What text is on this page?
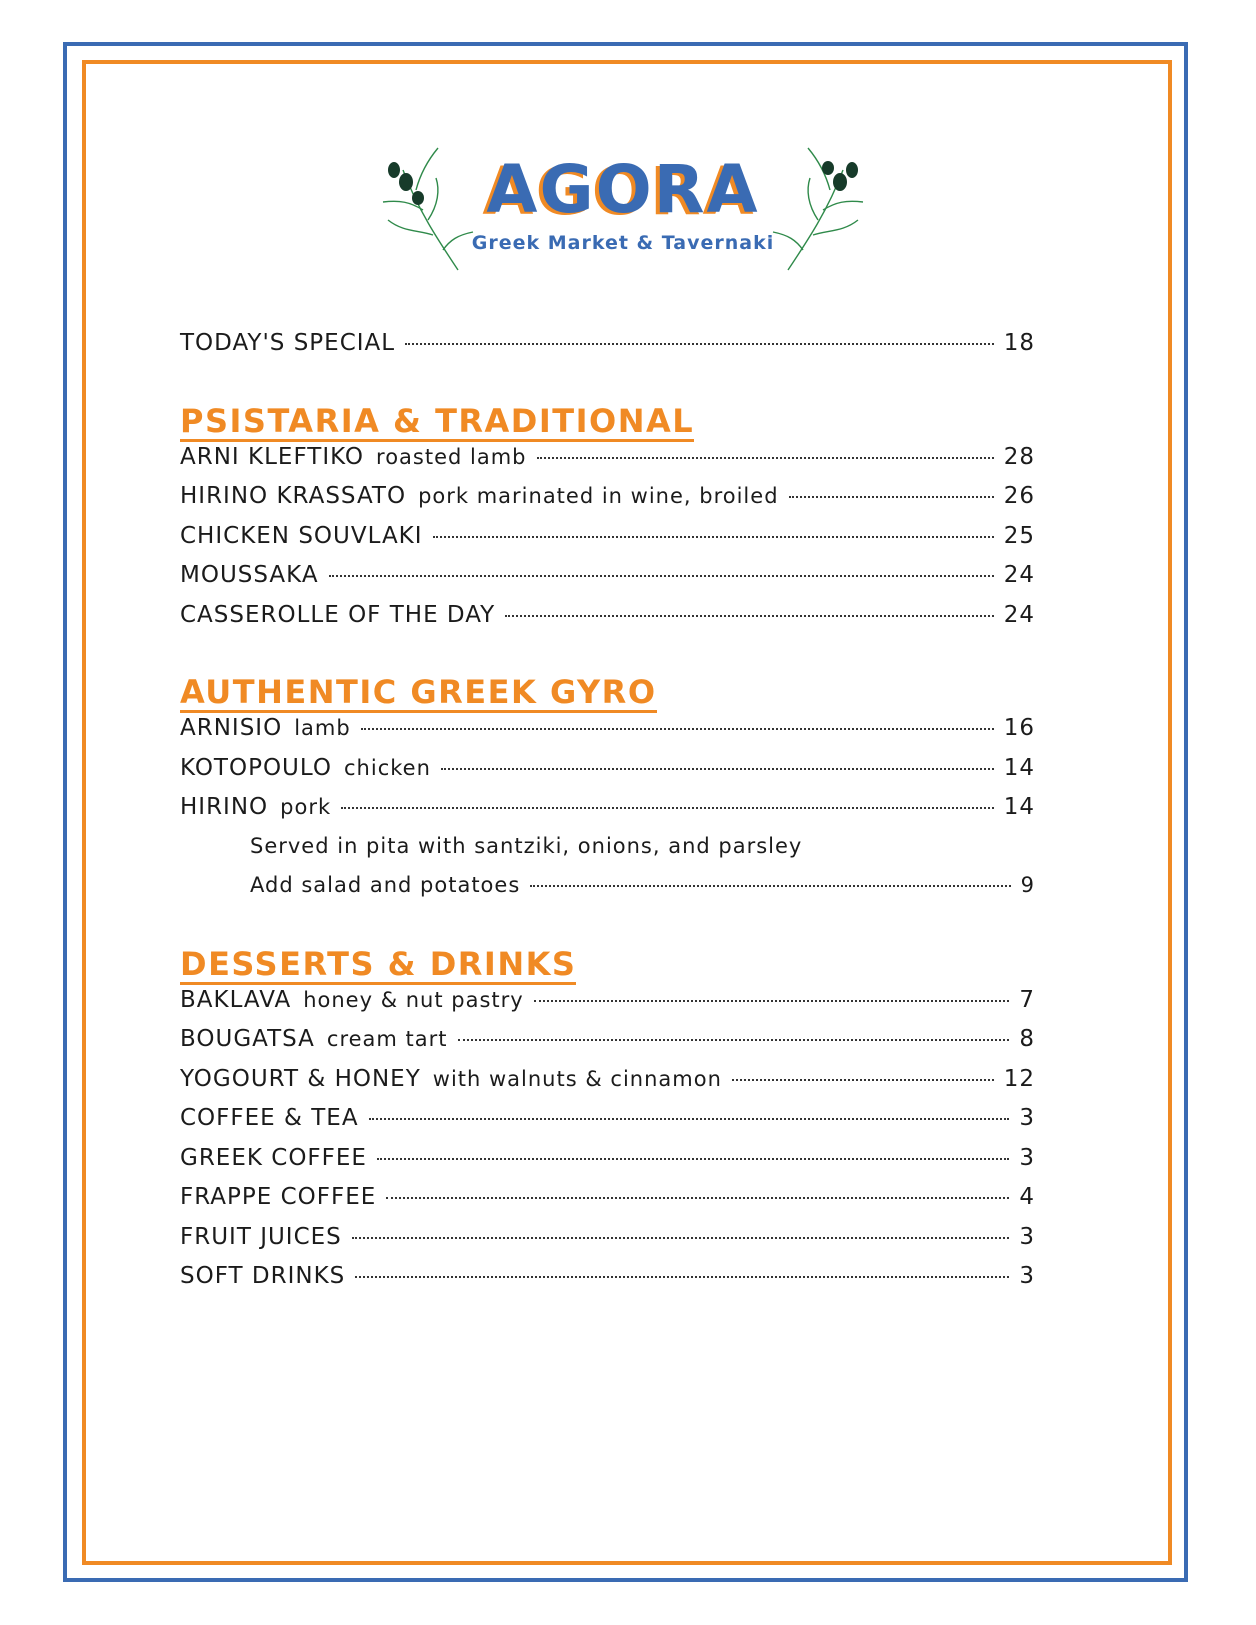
AGORA
Greek Market & Tavernaki
TODAY'S SPECIAL	18
PSISTARIA & TRADITIONAL
ARNI KLEFTIKO roasted lamb	28
HIRINO KRASSATO pork marinated in wine, broiled	26
CHICKEN SOUVLAKI	25
MOUSSAKA	24
CASSEROLLE OF THE DAY	24
AUTHENTIC GREEK GYRO
ARNISIO lamb	16
KOTOPOULO chicken	14
HIRINO pork	14
Served in pita with santziki, onions, and parsley
Add salad and potatoes	9
DESSERTS & DRINKS
BAKLAVA honey & nut pastry	7
BOUGATSA cream tart	8
YOGOURT & HONEY with walnuts & cinnamon	12
COFFEE & TEA	3
GREEK COFFEE	3
FRAPPE COFFEE	4
FRUIT JUICES	3
SOFT DRINKS	3
